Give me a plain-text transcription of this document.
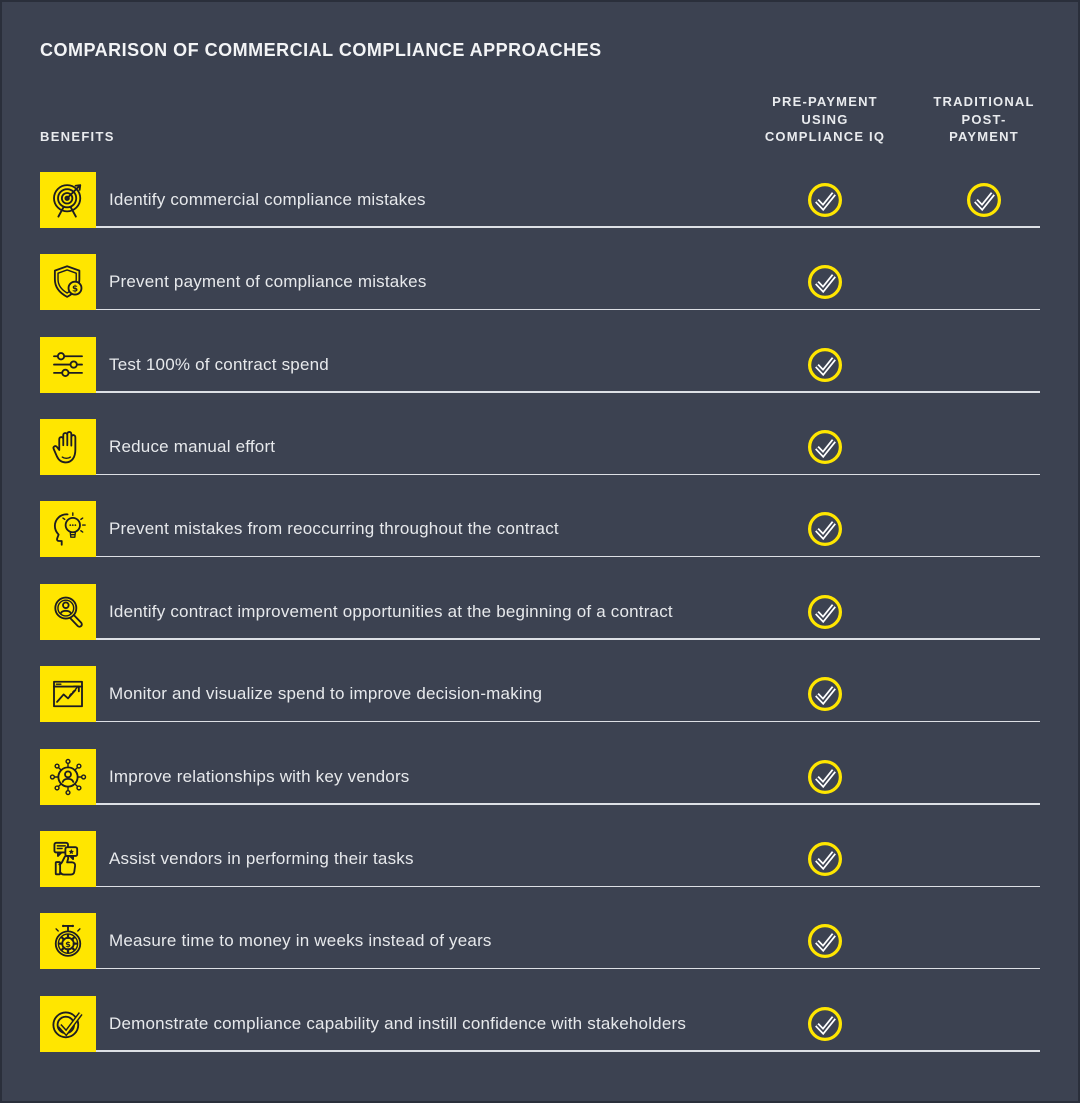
COMPARISON OF COMMERCIAL COMPLIANCE APPROACHES
BENEFITS
PRE-PAYMENT
USING
COMPLIANCE IQ
TRADITIONAL
POST-
PAYMENT
Identify commercial compliance mistakes
$	Prevent payment of compliance mistakes
Test 100% of contract spend
Reduce manual effort
Prevent mistakes from reoccurring throughout the contract
Identify contract improvement opportunities at the beginning of a contract
Monitor and visualize spend to improve decision-making
Improve relationships with key vendors
Assist vendors in performing their tasks
$	Measure time to money in weeks instead of years
Demonstrate compliance capability and instill confidence with stakeholders
